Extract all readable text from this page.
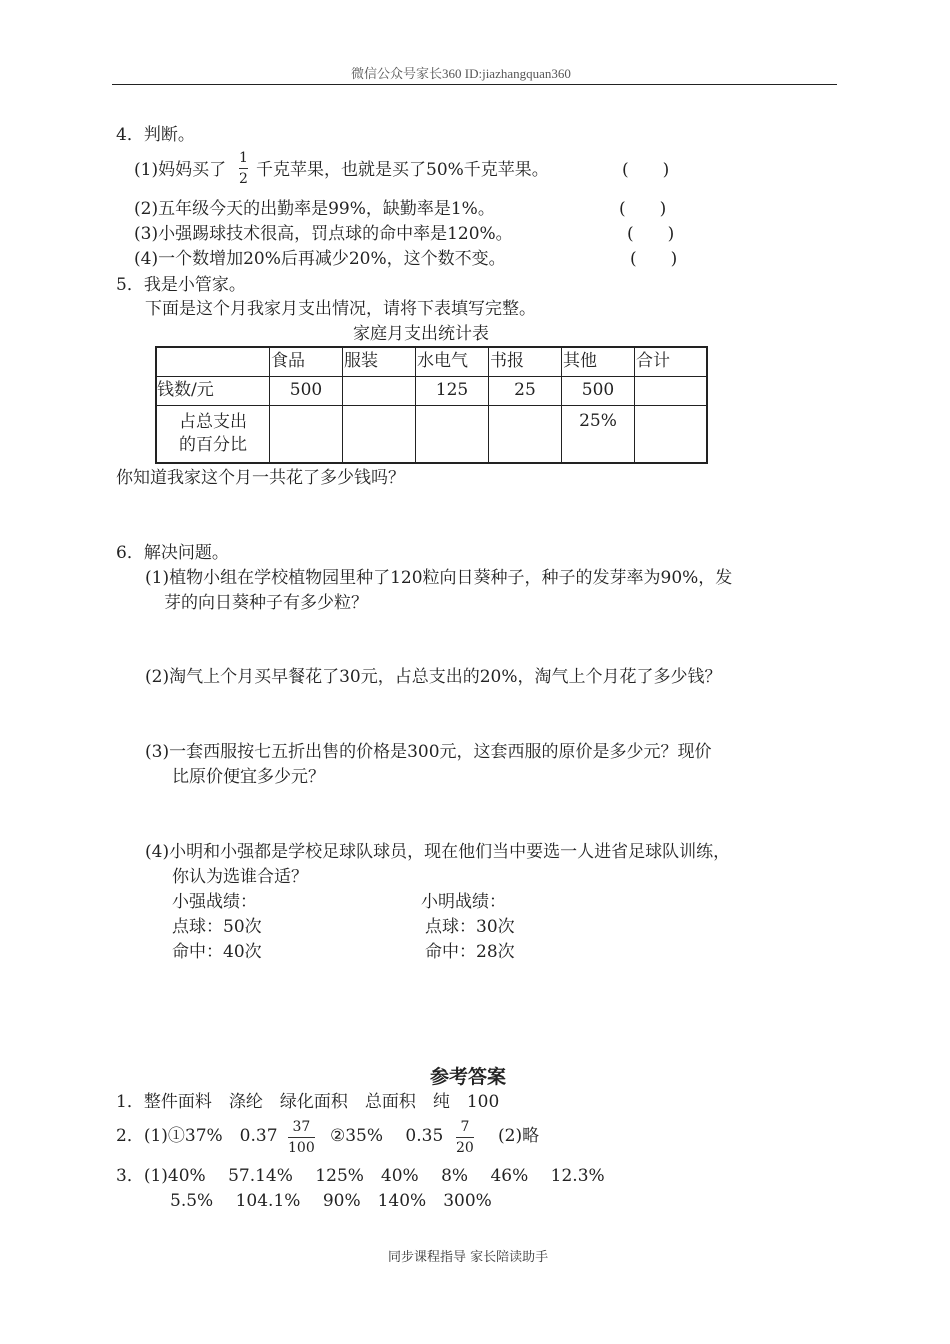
微信公众号家长360 ID:jiazhangquan360
4．判断。
(1)妈妈买了
1
2 千克苹果，也就是买了50%千克苹果。	(　　)
(2)五年级今天的出勤率是99%，缺勤率是1%。	(　　)
(3)小强踢球技术很高，罚点球的命中率是120%。	(　　)
(4)一个数增加20%后再减少20%，这个数不变。	(　　)
5．我是小管家。
下面是这个月我家月支出情况，请将下表填写完整。
家庭月支出统计表
	食品	服装	水电气	书报	其他	合计
钱数/元	500		125	25	500	

占总支出
的百分比					25%	
你知道我家这个月一共花了多少钱吗？
6．解决问题。
(1)植物小组在学校植物园里种了120粒向日葵种子，种子的发芽率为90%，发
芽的向日葵种子有多少粒？
(2)淘气上个月买早餐花了30元，占总支出的20%，淘气上个月花了多少钱？
(3)一套西服按七五折出售的价格是300元，这套西服的原价是多少元？现价
比原价便宜多少元？
(4)小明和小强都是学校足球队球员，现在他们当中要选一人进省足球队训练，
你认为选谁合适？
小强战绩：
点球：50次
命中：40次
小明战绩：
点球：30次
命中：28次
参考答案
1．整件面料　涤纶　绿化面积　总面积　纯　100
2．(1)①37%　0.37 37
100
②35%　 0.35 7
20
(2)略
3．(1)40%　 57.14%　 125%　40%　 8%　 46%　 12.3%
5.5%　 104.1%　 90%　140%　300%
同步课程指导 家长陪读助手
